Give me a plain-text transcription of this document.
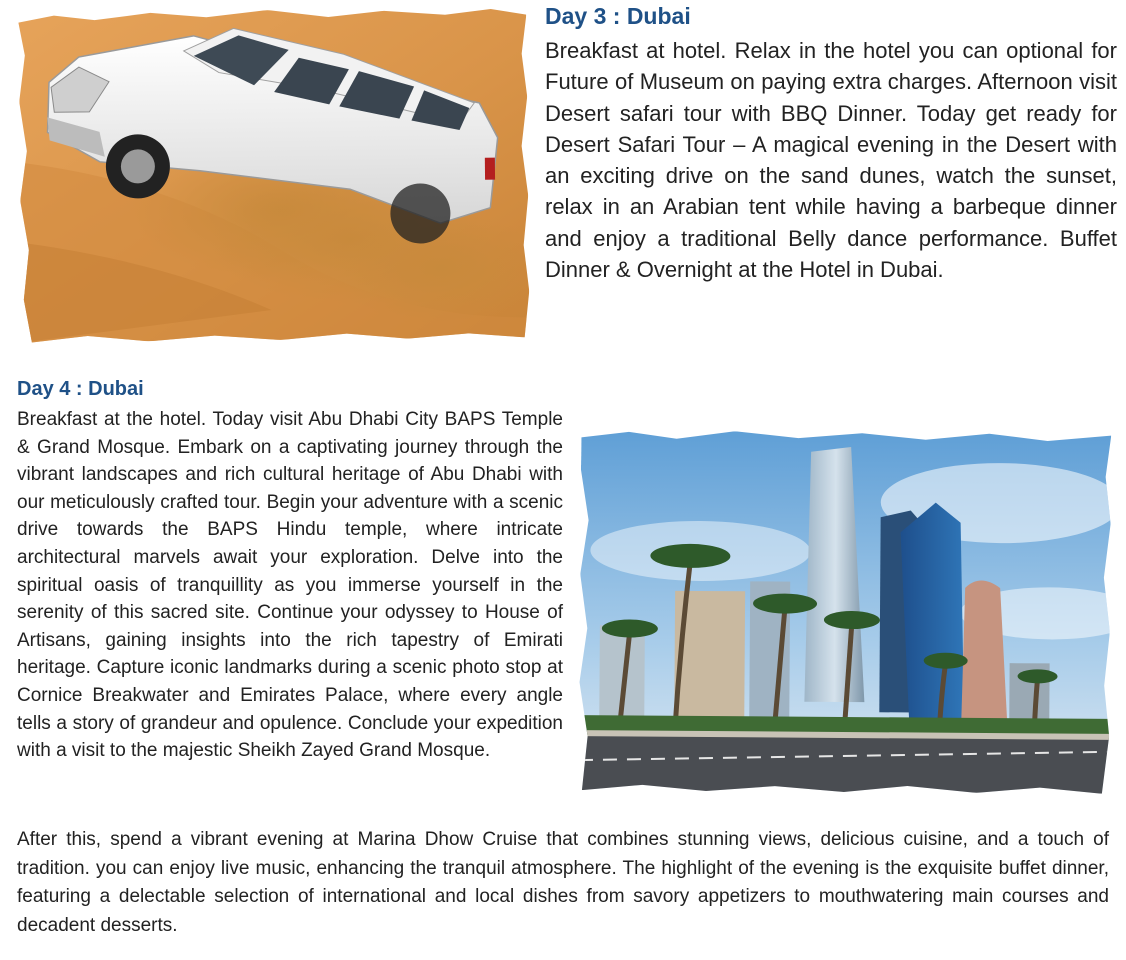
Day 3 : Dubai

Breakfast at hotel. Relax in the hotel you can optional for Future of Museum on paying extra charges. Afternoon visit Desert safari tour with BBQ Dinner. Today get ready for Desert Safari Tour – A magical evening in the Desert with an exciting drive on the sand dunes, watch the sunset, relax in an Arabian tent while having a barbeque dinner and enjoy a traditional Belly dance performance. Buffet Dinner & Overnight at the Hotel in Dubai.

Day 4 : Dubai

Breakfast at the hotel. Today visit Abu Dhabi City BAPS Temple & Grand Mosque. Embark on a captivating journey through the vibrant landscapes and rich cultural heritage of Abu Dhabi with our meticulously crafted tour. Begin your adventure with a scenic drive towards the BAPS Hindu temple, where intricate architectural marvels await your exploration. Delve into the spiritual oasis of tranquillity as you immerse yourself in the serenity of this sacred site. Continue your odyssey to House of Artisans, gaining insights into the rich tapestry of Emirati heritage. Capture iconic landmarks during a scenic photo stop at Cornice Breakwater and Emirates Palace, where every angle tells a story of grandeur and opulence. Conclude your expedition with a visit to the majestic Sheikh Zayed Grand Mosque.

After this, spend a vibrant evening at Marina Dhow Cruise that combines stunning views, delicious cuisine, and a touch of tradition. you can enjoy live music, enhancing the tranquil atmosphere. The highlight of the evening is the exquisite buffet dinner, featuring a delectable selection of international and local dishes from savory appetizers to mouthwatering main courses and decadent desserts.
